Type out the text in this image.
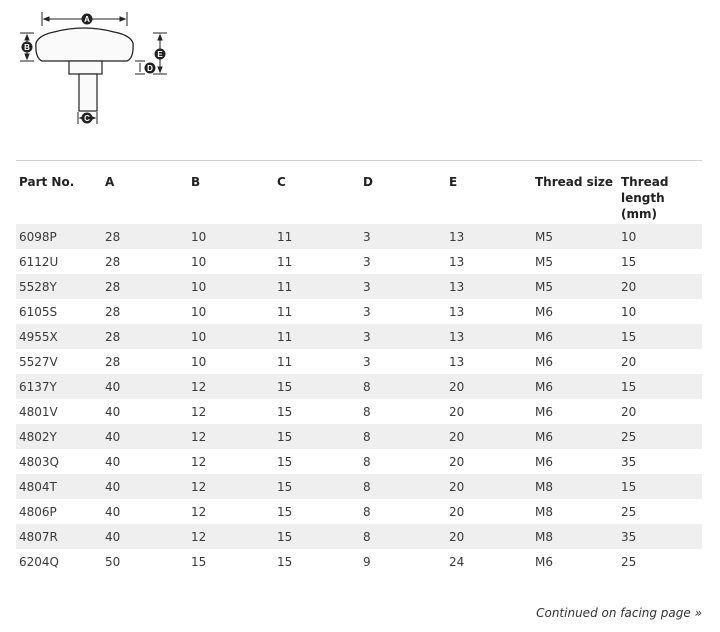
A
B
E
D
C
Part No.	A	B	C	D	E	Thread size	Thread length (mm)
6098P	28	10	11	3	13	M5	10
6112U	28	10	11	3	13	M5	15
5528Y	28	10	11	3	13	M5	20
6105S	28	10	11	3	13	M6	10
4955X	28	10	11	3	13	M6	15
5527V	28	10	11	3	13	M6	20
6137Y	40	12	15	8	20	M6	15
4801V	40	12	15	8	20	M6	20
4802Y	40	12	15	8	20	M6	25
4803Q	40	12	15	8	20	M6	35
4804T	40	12	15	8	20	M8	15
4806P	40	12	15	8	20	M8	25
4807R	40	12	15	8	20	M8	35
6204Q	50	15	15	9	24	M6	25
Continued on facing page »
